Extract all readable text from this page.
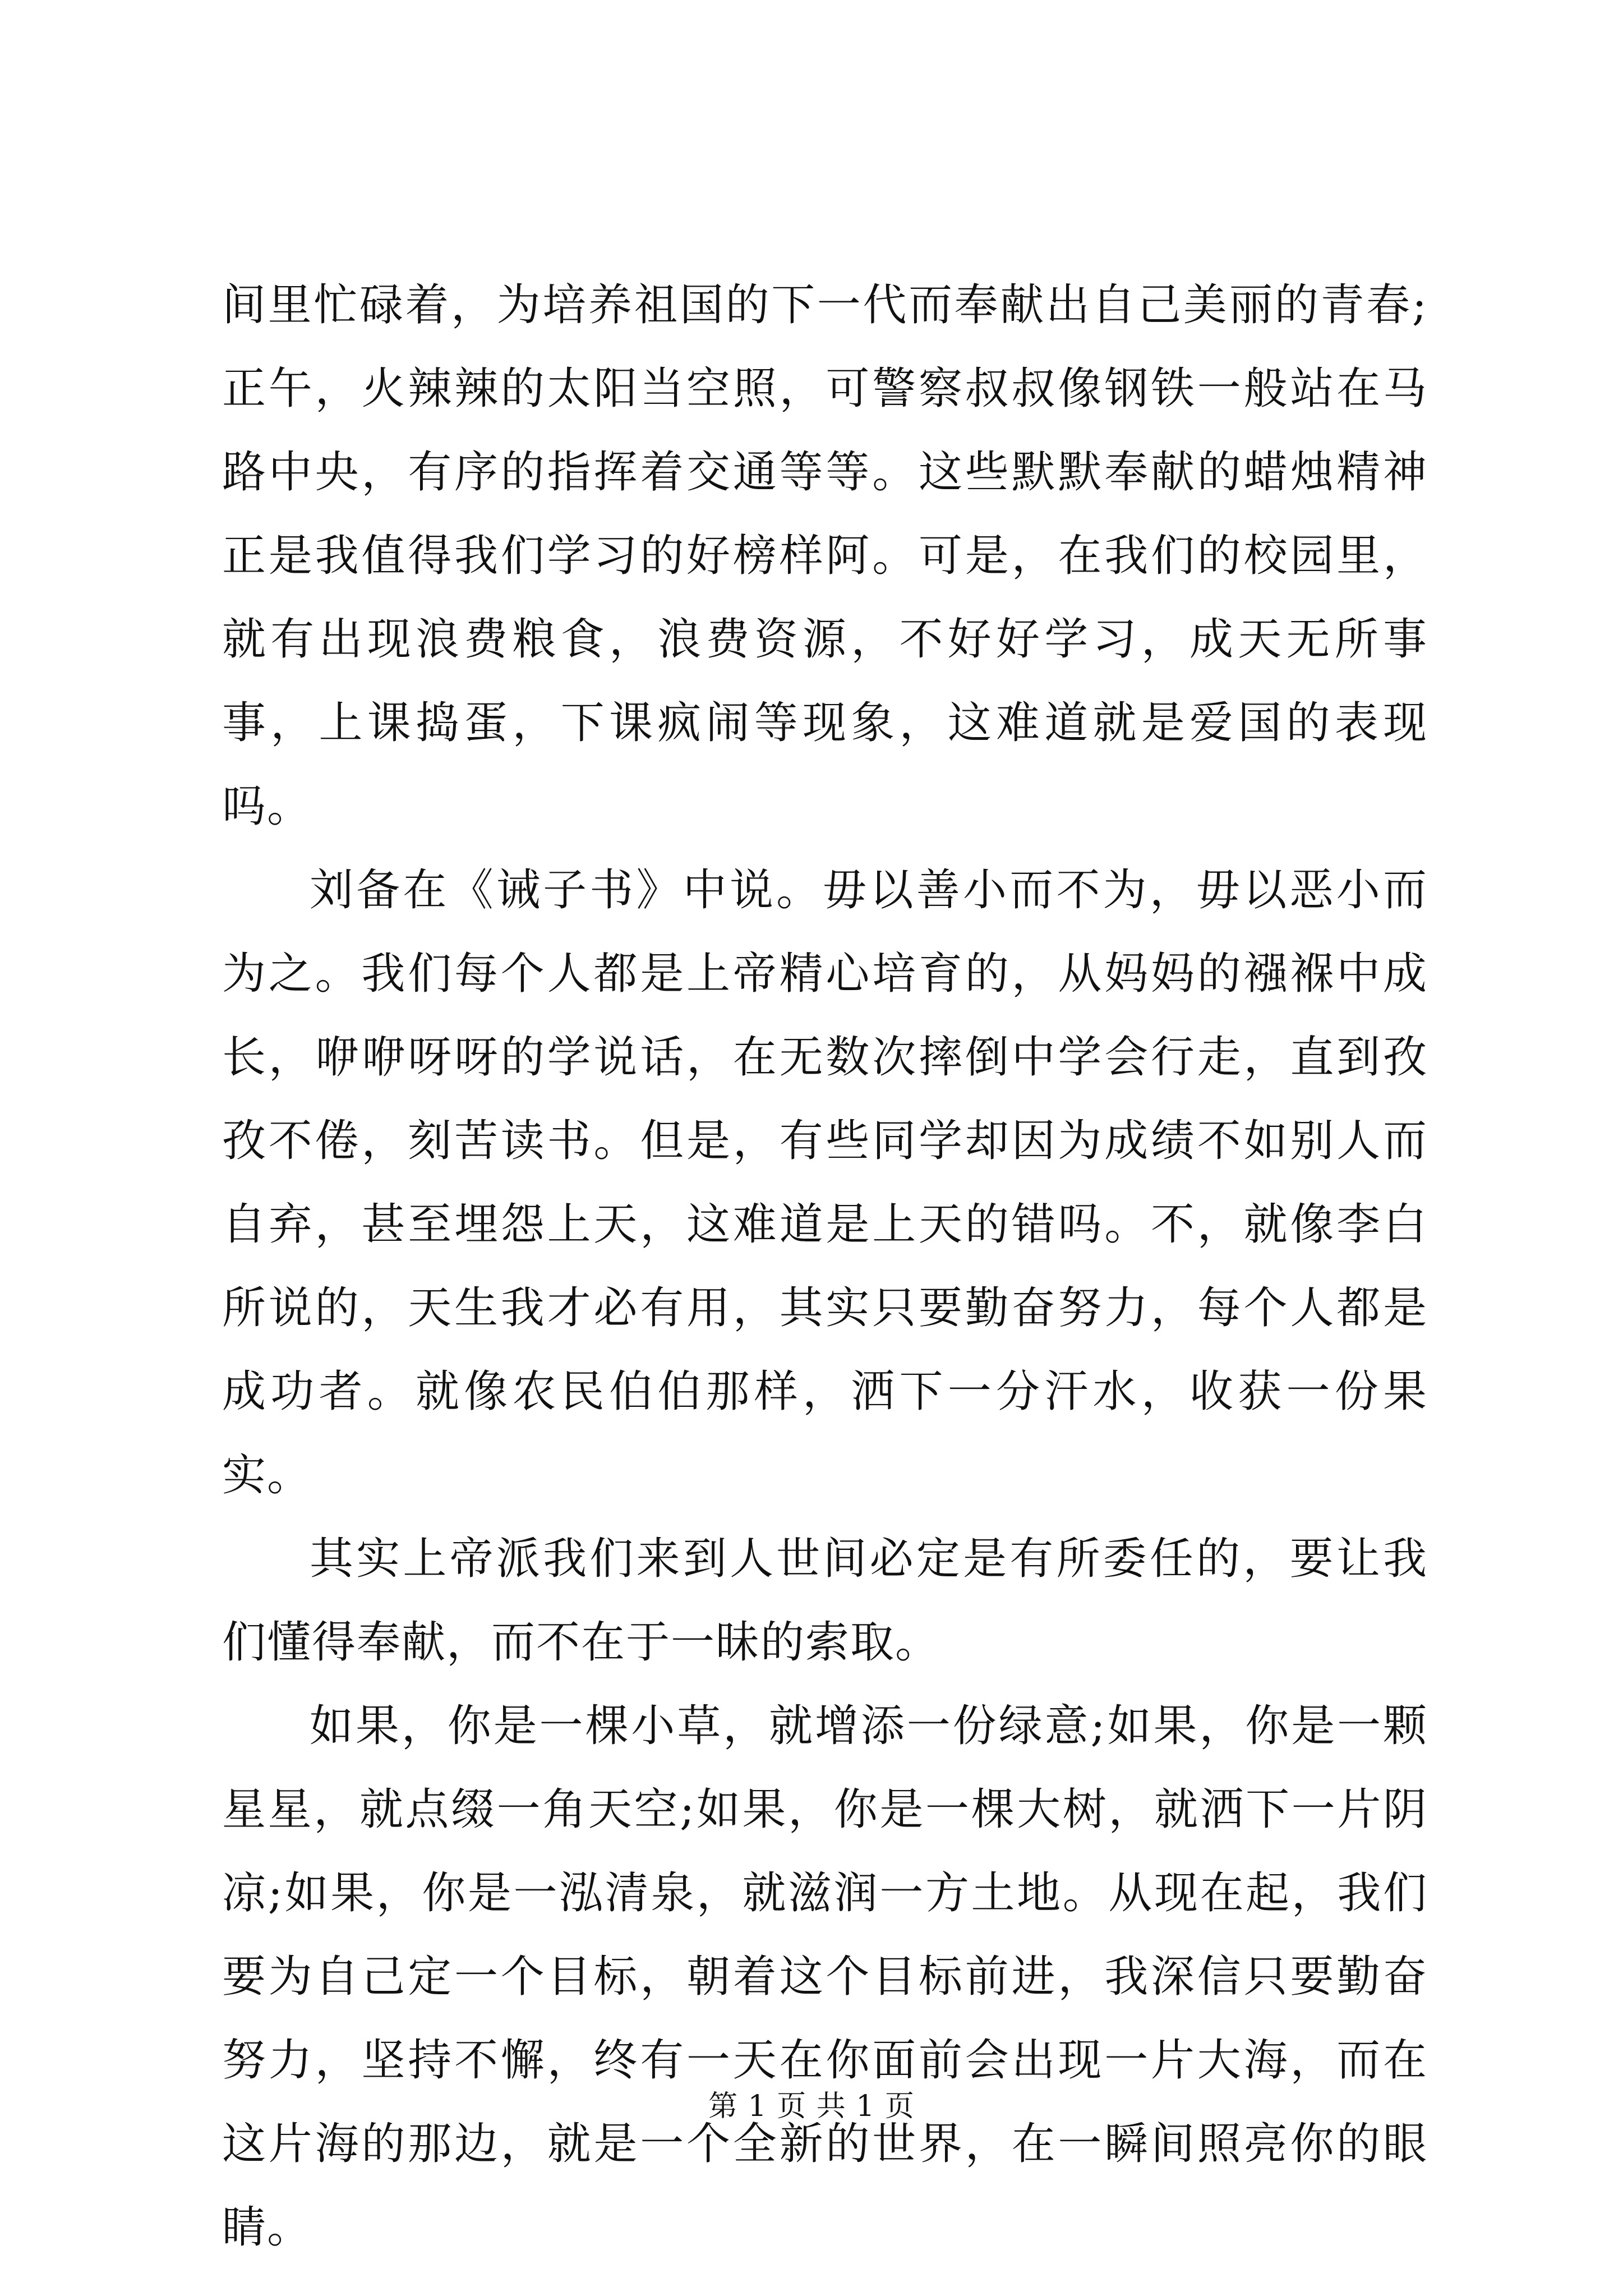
间里忙碌着，为培养祖国的下一代而奉献出自己美丽的青春;正午，火辣辣的太阳当空照，可警察叔叔像钢铁一般站在马路中央，有序的指挥着交通等等。这些默默奉献的蜡烛精神正是我值得我们学习的好榜样阿。可是，在我们的校园里，就有出现浪费粮食，浪费资源，不好好学习，成天无所事事，上课捣蛋，下课疯闹等现象，这难道就是爱国的表现吗。

刘备在《诫子书》中说。毋以善小而不为，毋以恶小而为之。我们每个人都是上帝精心培育的，从妈妈的襁褓中成长，咿咿呀呀的学说话，在无数次摔倒中学会行走，直到孜孜不倦，刻苦读书。但是，有些同学却因为成绩不如别人而自弃，甚至埋怨上天，这难道是上天的错吗。不，就像李白所说的，天生我才必有用，其实只要勤奋努力，每个人都是成功者。就像农民伯伯那样，洒下一分汗水，收获一份果实。

其实上帝派我们来到人世间必定是有所委任的，要让我们懂得奉献，而不在于一昧的索取。

如果，你是一棵小草，就增添一份绿意;如果，你是一颗星星，就点缀一角天空;如果，你是一棵大树，就洒下一片阴凉;如果，你是一泓清泉，就滋润一方土地。从现在起，我们要为自己定一个目标，朝着这个目标前进，我深信只要勤奋努力，坚持不懈，终有一天在你面前会出现一片大海，而在这片海的那边，就是一个全新的世界，在一瞬间照亮你的眼睛。

第 1 页 共 1 页
